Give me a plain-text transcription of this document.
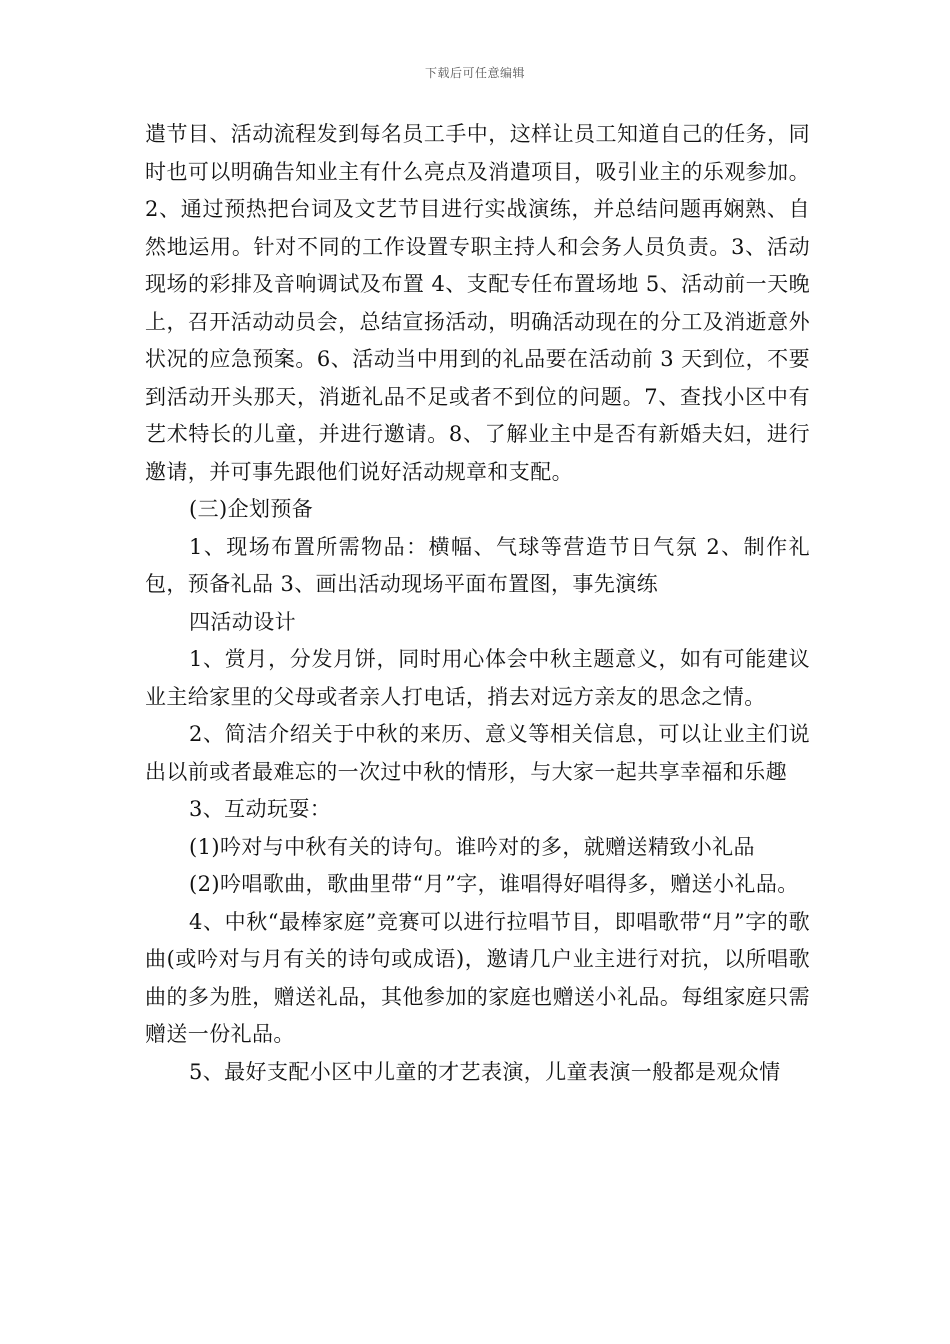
下载后可任意编辑

遣节目、活动流程发到每名员工手中，这样让员工知道自己的任务，同时也可以明确告知业主有什么亮点及消遣项目，吸引业主的乐观参加。2、通过预热把台词及文艺节目进行实战演练，并总结问题再娴熟、自然地运用。针对不同的工作设置专职主持人和会务人员负责。3、活动现场的彩排及音响调试及布置 4、支配专任布置场地 5、活动前一天晚上，召开活动动员会，总结宣扬活动，明确活动现在的分工及消逝意外状况的应急预案。6、活动当中用到的礼品要在活动前 3 天到位，不要到活动开头那天，消逝礼品不足或者不到位的问题。7、查找小区中有艺术特长的儿童，并进行邀请。8、了解业主中是否有新婚夫妇，进行邀请，并可事先跟他们说好活动规章和支配。

(三)企划预备

1、现场布置所需物品：横幅、气球等营造节日气氛 2、制作礼包，预备礼品 3、画出活动现场平面布置图，事先演练

四活动设计

1、赏月，分发月饼，同时用心体会中秋主题意义，如有可能建议业主给家里的父母或者亲人打电话，捎去对远方亲友的思念之情。

2、简洁介绍关于中秋的来历、意义等相关信息，可以让业主们说出以前或者最难忘的一次过中秋的情形，与大家一起共享幸福和乐趣

3、互动玩耍：

(1)吟对与中秋有关的诗句。谁吟对的多，就赠送精致小礼品

(2)吟唱歌曲，歌曲里带“月”字，谁唱得好唱得多，赠送小礼品。

4、中秋“最棒家庭”竞赛可以进行拉唱节目，即唱歌带“月”字的歌曲(或吟对与月有关的诗句或成语)，邀请几户业主进行对抗，以所唱歌曲的多为胜，赠送礼品，其他参加的家庭也赠送小礼品。每组家庭只需赠送一份礼品。

5、最好支配小区中儿童的才艺表演，儿童表演一般都是观众情
